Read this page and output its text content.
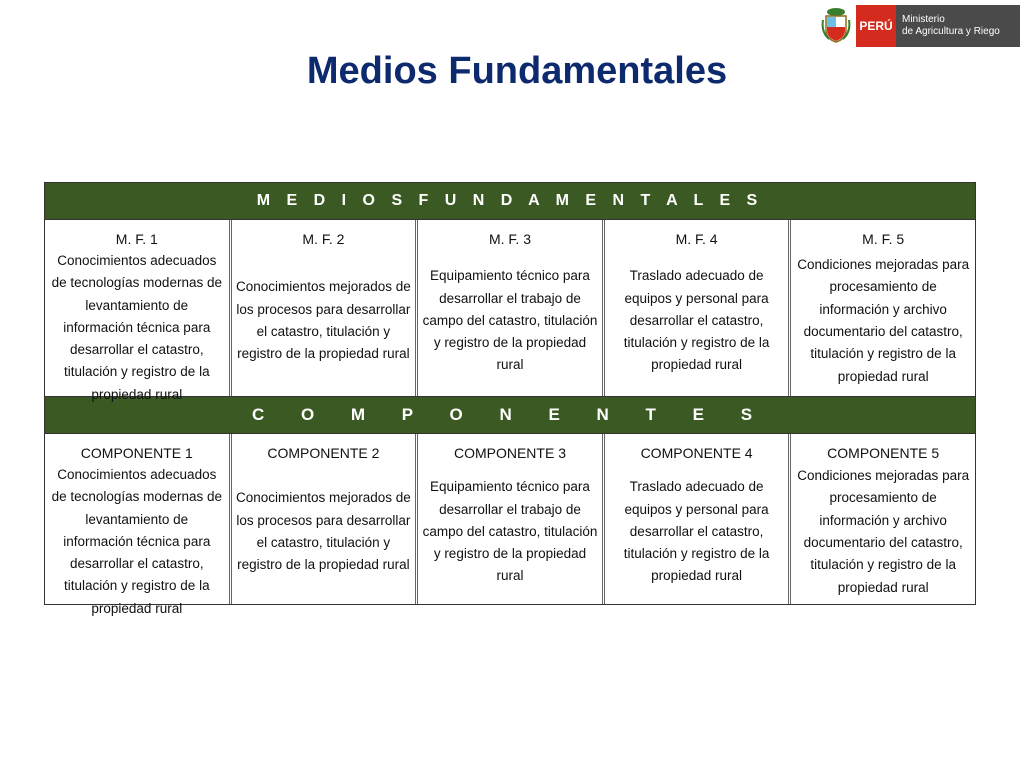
PERÚ Ministerio
de Agricultura y Riego
Medios Fundamentales
M E D I O S F U N D A M E N T A L E S
M. F. 1
Conocimientos adecuados de tecnologías modernas de levantamiento de información técnica para desarrollar el catastro, titulación y registro de la propiedad rural
M. F. 2
Conocimientos mejorados de los procesos para desarrollar el catastro, titulación y registro de la propiedad rural
M. F. 3
Equipamiento técnico para desarrollar el trabajo de campo del catastro, titulación y registro de la propiedad rural
M. F. 4
Traslado adecuado de equipos y personal para desarrollar el catastro, titulación y registro de la propiedad rural
M. F. 5
Condiciones mejoradas para procesamiento de información y archivo documentario del catastro, titulación y registro de la propiedad rural
C O M P O N E N T E S
COMPONENTE 1
Conocimientos adecuados de tecnologías modernas de levantamiento de información técnica para desarrollar el catastro, titulación y registro de la propiedad rural
COMPONENTE 2
Conocimientos mejorados de los procesos para desarrollar el catastro, titulación y registro de la propiedad rural
COMPONENTE 3
Equipamiento técnico para desarrollar el trabajo de campo del catastro, titulación y registro de la propiedad rural
COMPONENTE 4
Traslado adecuado de equipos y personal para desarrollar el catastro, titulación y registro de la propiedad rural
COMPONENTE 5
Condiciones mejoradas para procesamiento de información y archivo documentario del catastro, titulación y registro de la propiedad rural
